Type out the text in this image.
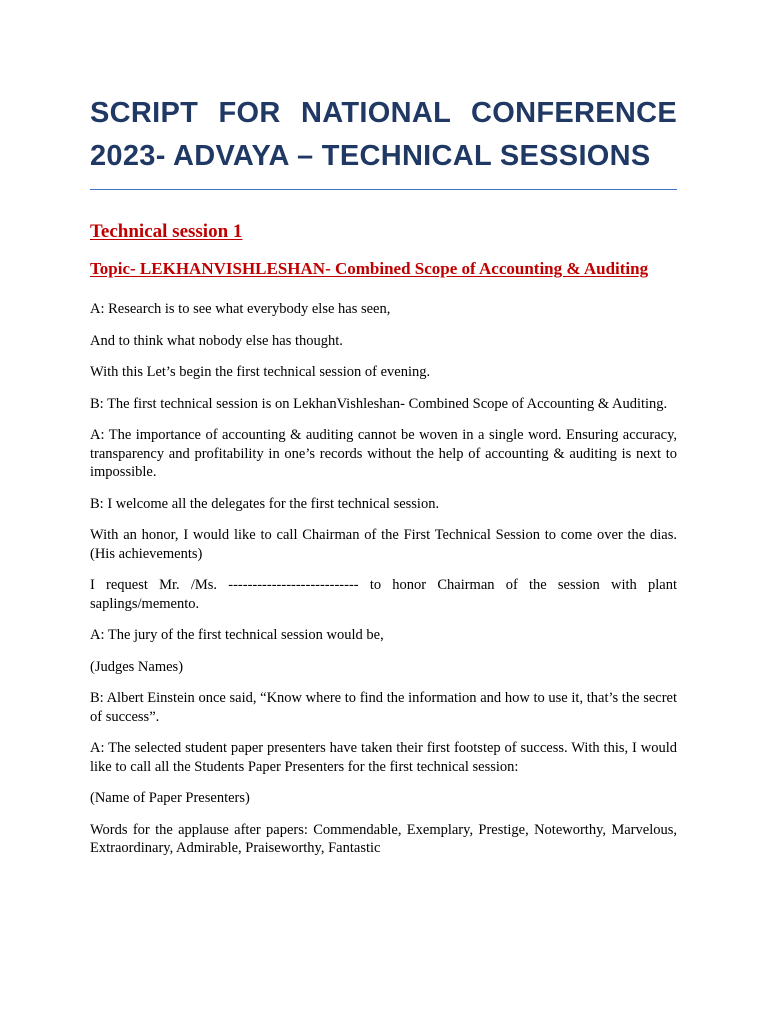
SCRIPT FOR NATIONAL CONFERENCE 2023- ADVAYA – TECHNICAL SESSIONS
Technical session 1
Topic- LEKHANVISHLESHAN- Combined Scope of Accounting & Auditing

A: Research is to see what everybody else has seen,

And to think what nobody else has thought.

With this Let’s begin the first technical session of evening.

B: The first technical session is on LekhanVishleshan- Combined Scope of Accounting & Auditing.

A: The importance of accounting & auditing cannot be woven in a single word. Ensuring accuracy, transparency and profitability in one’s records without the help of accounting & auditing is next to impossible.

B: I welcome all the delegates for the first technical session.

With an honor, I would like to call Chairman of the First Technical Session to come over the dias. (His achievements)

I request Mr. /Ms. --------------------------- to honor Chairman of the session with plant saplings/memento.

A: The jury of the first technical session would be,

(Judges Names)

B: Albert Einstein once said, “Know where to find the information and how to use it, that’s the secret of success”.

A: The selected student paper presenters have taken their first footstep of success. With this, I would like to call all the Students Paper Presenters for the first technical session:

(Name of Paper Presenters)

Words for the applause after papers: Commendable, Exemplary, Prestige, Noteworthy, Marvelous, Extraordinary, Admirable, Praiseworthy, Fantastic
